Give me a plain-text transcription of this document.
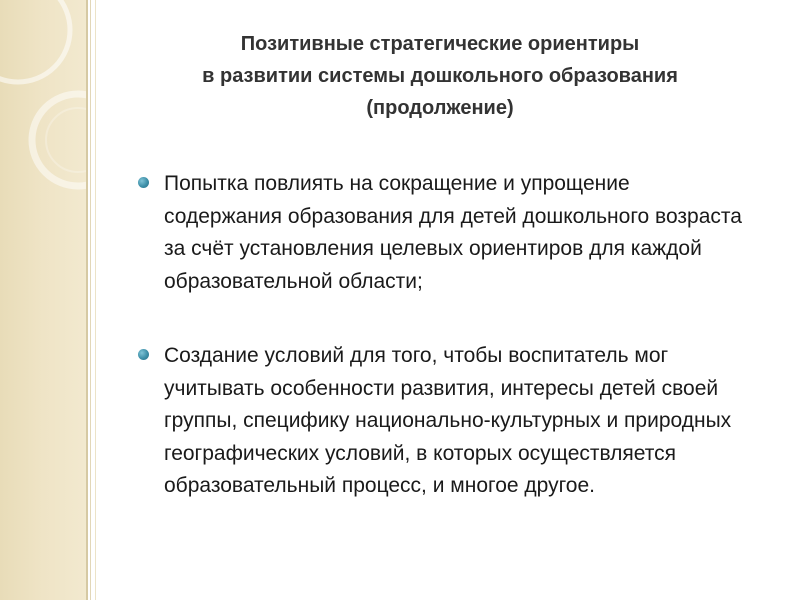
Позитивные стратегические ориентиры
в развитии системы дошкольного образования
(продолжение)
Попытка повлиять на сокращение и упрощение
содержания образования для детей дошкольного возраста
за счёт установления целевых ориентиров для каждой
образовательной области;
Создание условий для того, чтобы воспитатель мог
учитывать особенности развития, интересы детей своей
группы, специфику национально-культурных и природных
географических условий, в которых осуществляется
образовательный процесс, и многое другое.
